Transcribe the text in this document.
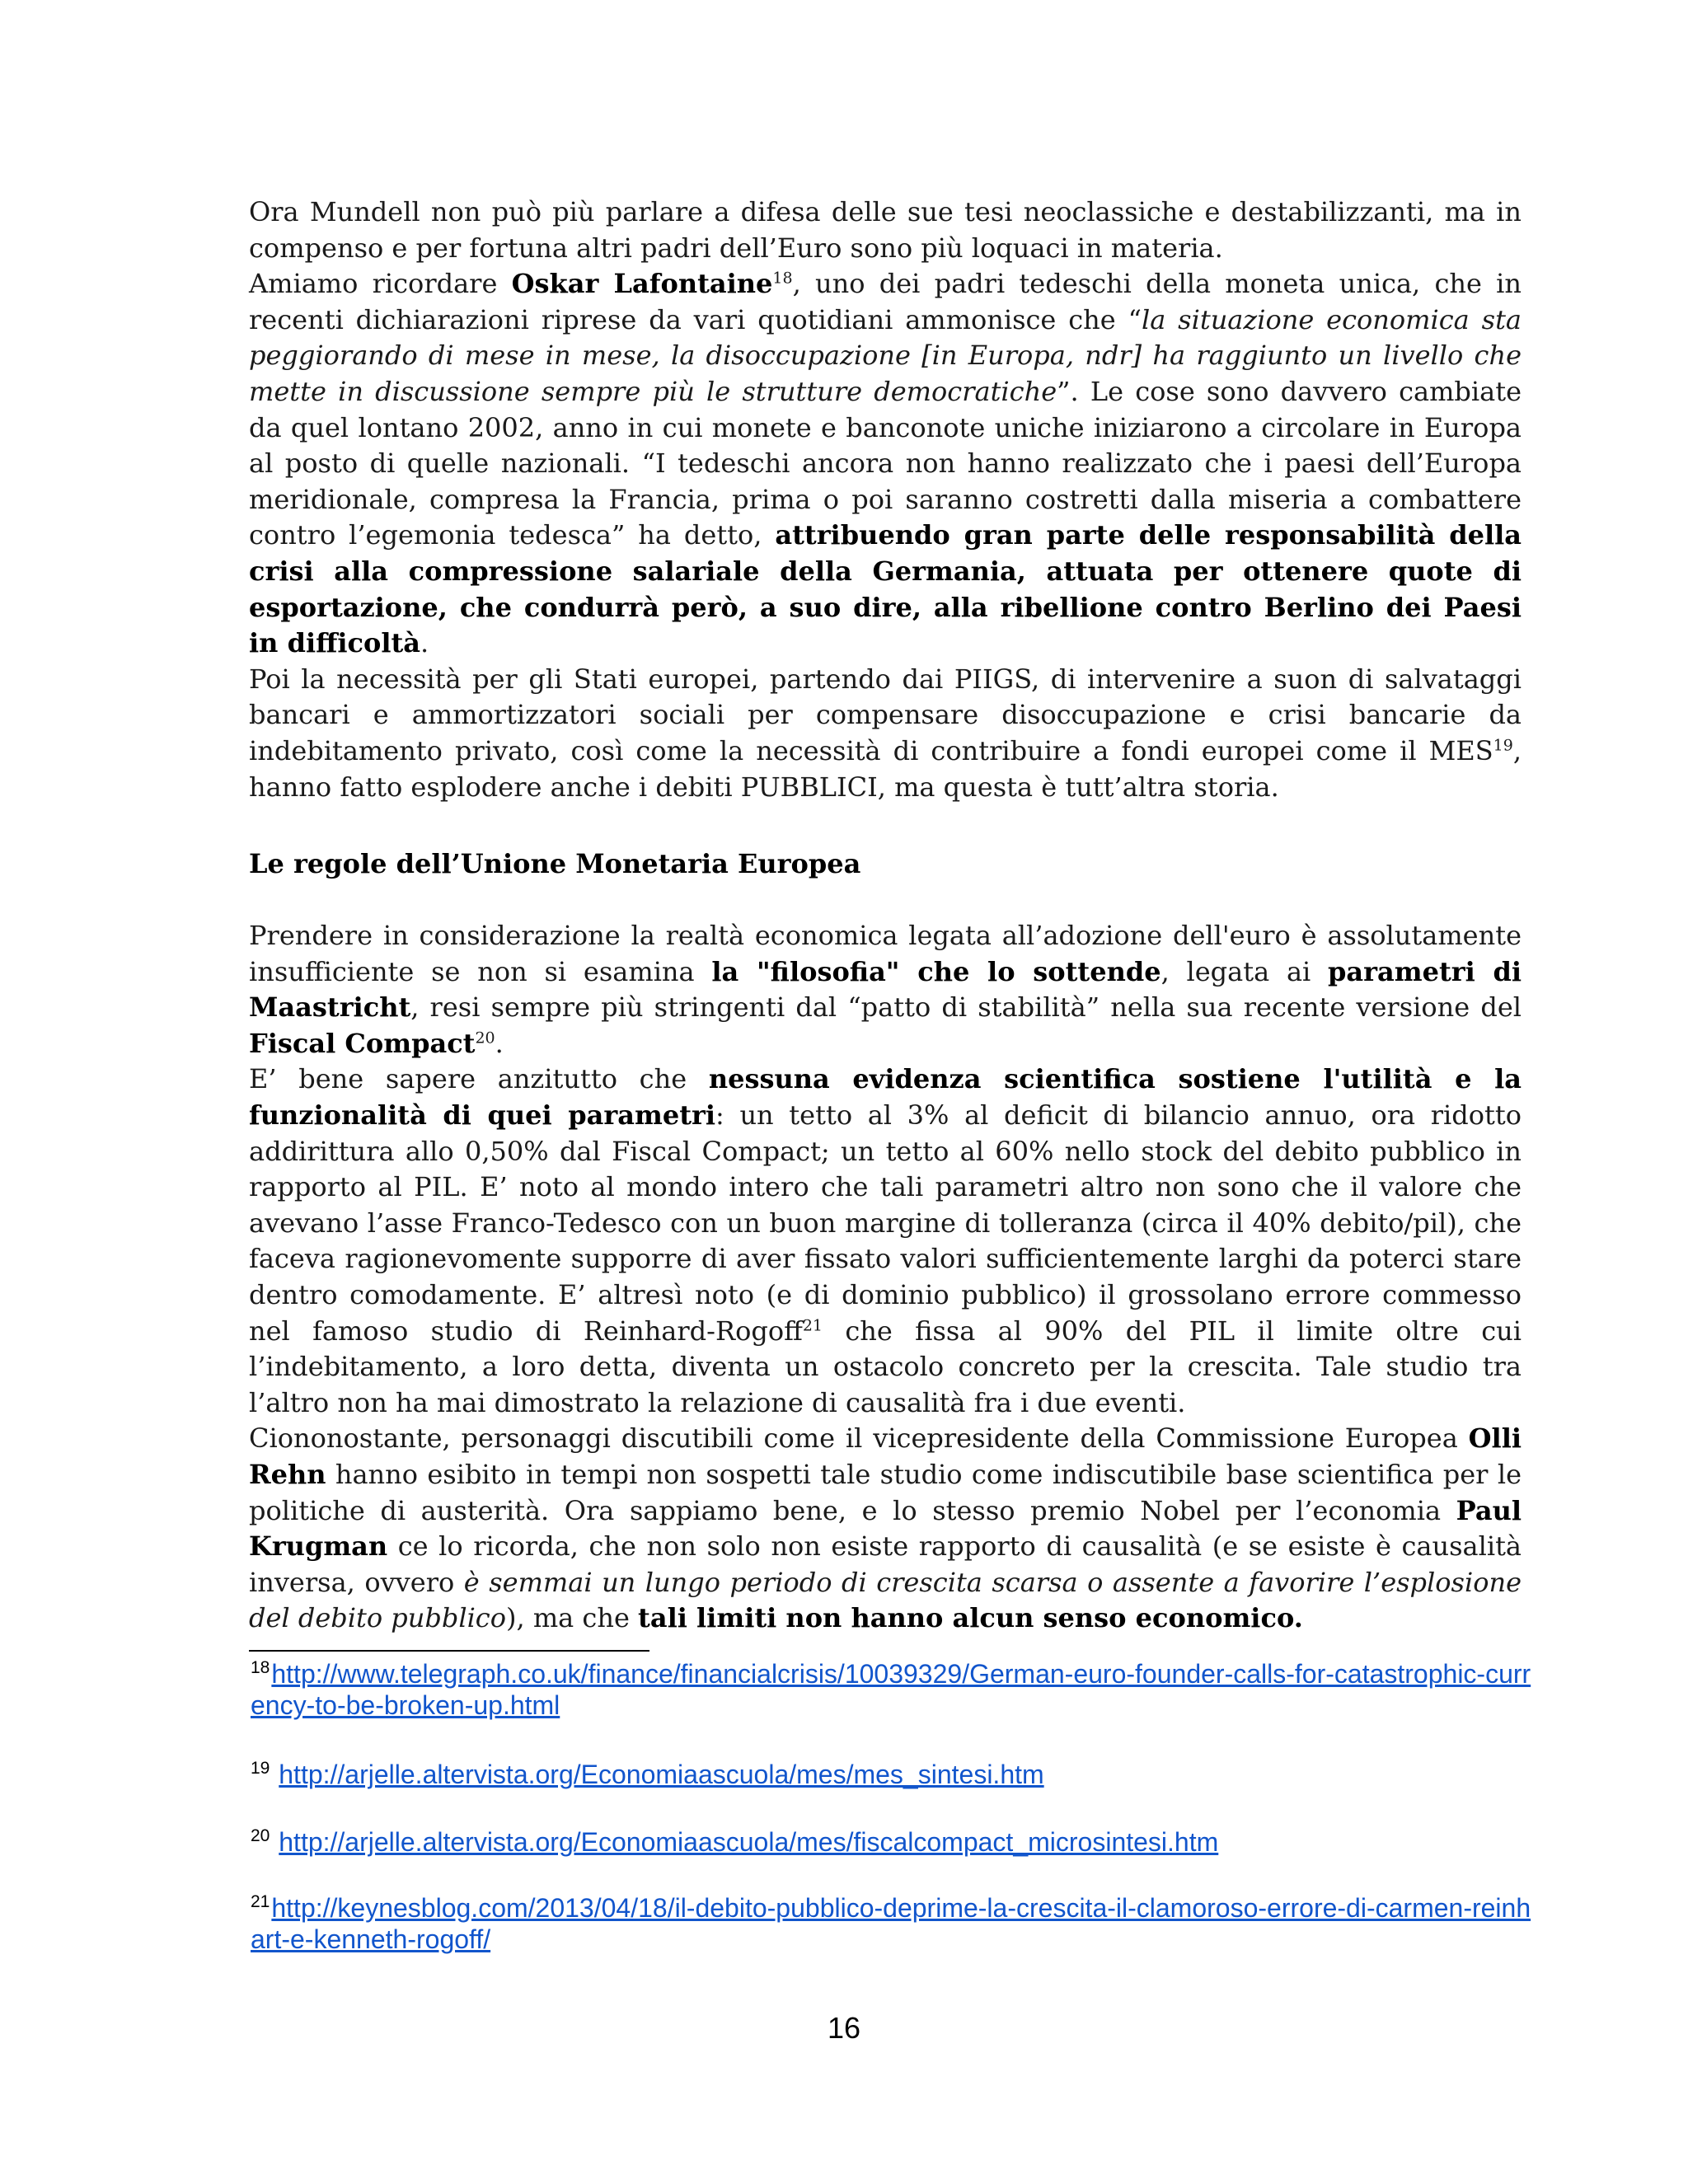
Ora Mundell non può più parlare a difesa delle sue tesi neoclassiche e destabilizzanti, ma in compenso e per fortuna altri padri dell’Euro sono più loquaci in materia.

Amiamo ricordare Oskar Lafontaine$^{18}$, uno dei padri tedeschi della moneta unica, che in recenti dichiarazioni riprese da vari quotidiani ammonisce che “la situazione economica sta peggiorando di mese in mese, la disoccupazione [in Europa, ndr] ha raggiunto un livello che mette in discussione sempre più le strutture democratiche”. Le cose sono davvero cambiate da quel lontano 2002, anno in cui monete e banconote uniche iniziarono a circolare in Europa al posto di quelle nazionali. “I tedeschi ancora non hanno realizzato che i paesi dell’Europa meridionale, compresa la Francia, prima o poi saranno costretti dalla miseria a combattere contro l’egemonia tedesca” ha detto, attribuendo gran parte delle responsabilità della crisi alla compressione salariale della Germania, attuata per ottenere quote di esportazione, che condurrà però, a suo dire, alla ribellione contro Berlino dei Paesi in difficoltà.

Poi la necessità per gli Stati europei, partendo dai PIIGS, di intervenire a suon di salvataggi bancari e ammortizzatori sociali per compensare disoccupazione e crisi bancarie da indebitamento privato, così come la necessità di contribuire a fondi europei come il MES$^{19}$, hanno fatto esplodere anche i debiti PUBBLICI, ma questa è tutt’altra storia.

Le regole dell’Unione Monetaria Europea

Prendere in considerazione la realtà economica legata all’adozione dell'euro è assolutamente insufficiente se non si esamina la "filosofia" che lo sottende, legata ai parametri di Maastricht, resi sempre più stringenti dal “patto di stabilità” nella sua recente versione del Fiscal Compact$^{20}$.

E’ bene sapere anzitutto che nessuna evidenza scientifica sostiene l'utilità e la funzionalità di quei parametri: un tetto al 3% al deficit di bilancio annuo, ora ridotto addirittura allo 0,50% dal Fiscal Compact; un tetto al 60% nello stock del debito pubblico in rapporto al PIL. E’ noto al mondo intero che tali parametri altro non sono che il valore che avevano l’asse Franco-Tedesco con un buon margine di tolleranza (circa il 40% debito/pil), che faceva ragionevomente supporre di aver fissato valori sufficientemente larghi da poterci stare dentro comodamente. E’ altresì noto (e di dominio pubblico) il grossolano errore commesso nel famoso studio di Reinhard-Rogoff$^{21}$ che fissa al 90% del PIL il limite oltre cui l’indebitamento, a loro detta, diventa un ostacolo concreto per la crescita. Tale studio tra l’altro non ha mai dimostrato la relazione di causalità fra i due eventi.

Ciononostante, personaggi discutibili come il vicepresidente della Commissione Europea Olli Rehn hanno esibito in tempi non sospetti tale studio come indiscutibile base scientifica per le politiche di austerità. Ora sappiamo bene, e lo stesso premio Nobel per l’economia Paul Krugman ce lo ricorda, che non solo non esiste rapporto di causalità (e se esiste è causalità inversa, ovvero è semmai un lungo periodo di crescita scarsa o assente a favorire l’esplosione del debito pubblico), ma che tali limiti non hanno alcun senso economico.

$^{18}$http://www.telegraph.co.uk/finance/financialcrisis/10039329/German-euro-founder-calls-for-catastrophic-currency-to-be-broken-up.html
$^{19}$ http://arjelle.altervista.org/Economiaascuola/mes/mes_sintesi.htm
$^{20}$ http://arjelle.altervista.org/Economiaascuola/mes/fiscalcompact_microsintesi.htm
$^{21}$http://keynesblog.com/2013/04/18/il-debito-pubblico-deprime-la-crescita-il-clamoroso-errore-di-carmen-reinhart-e-kenneth-rogoff/
16
